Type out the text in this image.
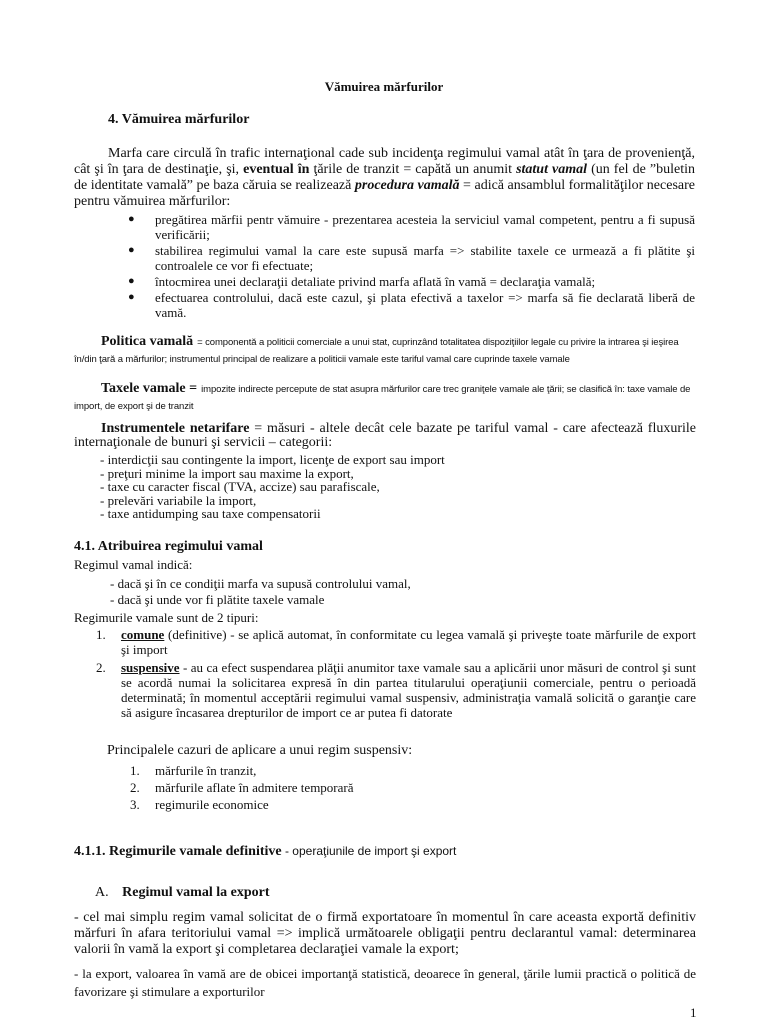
Vămuirea mărfurilor
4. Vămuirea mărfurilor
Marfa care circulă în trafic internaţional cade sub incidenţa regimului vamal atât în ţara de provenienţă, cât şi în ţara de destinaţie, şi, eventual în ţările de tranzit = capătă un anumit statut vamal (un fel de ”buletin de identitate vamală” pe baza căruia se realizează procedura vamală = adică ansamblul formalităţilor necesare pentru vămuirea mărfurilor:
● pregătirea mărfii pentr vămuire - prezentarea acesteia la serviciul vamal competent, pentru a fi supusă verificării;
● stabilirea regimului vamal la care este supusă marfa => stabilite taxele ce urmează a fi plătite şi controalele ce vor fi efectuate;
● întocmirea unei declaraţii detaliate privind marfa aflată în vamă = declaraţia vamală;
● efectuarea controlului, dacă este cazul, şi plata efectivă a taxelor => marfa să fie declarată liberă de vamă.
Politica vamală = componentă a politicii comerciale a unui stat, cuprinzând totalitatea dispoziţiilor legale cu privire la intrarea şi ieşirea în/din ţară a mărfurilor; instrumentul principal de realizare a politicii vamale este tariful vamal care cuprinde taxele vamale
Taxele vamale = impozite indirecte percepute de stat asupra mărfurilor care trec graniţele vamale ale ţării; se clasifică în: taxe vamale de import, de export şi de tranzit
Instrumentele netarifare = măsuri - altele decât cele bazate pe tariful vamal - care afectează fluxurile internaţionale de bunuri şi servicii – categorii:
- interdicţii sau contingente la import, licenţe de export sau import
- preţuri minime la import sau maxime la export,
- taxe cu caracter fiscal (TVA, accize) sau parafiscale,
- prelevări variabile la import,
- taxe antidumping sau taxe compensatorii
4.1. Atribuirea regimului vamal
Regimul vamal indică:
- dacă şi în ce condiţii marfa va supusă controlului vamal,
- dacă şi unde vor fi plătite taxele vamale
Regimurile vamale sunt de 2 tipuri:
1. comune (definitive) - se aplică automat, în conformitate cu legea vamală şi priveşte toate mărfurile de export şi import
2. suspensive - au ca efect suspendarea plăţii anumitor taxe vamale sau a aplicării unor măsuri de control şi sunt se acordă numai la solicitarea expresă în din partea titularului operaţiunii comerciale, pentru o perioadă determinată; în momentul acceptării regimului vamal suspensiv, administraţia vamală solicită o garanţie care să asigure încasarea drepturilor de import ce ar putea fi datorate
Principalele cazuri de aplicare a unui regim suspensiv:
1. mărfurile în tranzit,
2. mărfurile aflate în admitere temporară
3. regimurile economice
4.1.1. Regimurile vamale definitive - operaţiunile de import şi export
A. Regimul vamal la export
- cel mai simplu regim vamal solicitat de o firmă exportatoare în momentul în care aceasta exportă definitiv mărfuri în afara teritoriului vamal => implică următoarele obligaţii pentru declarantul vamal: determinarea valorii în vamă la export şi completarea declaraţiei vamale la export;
- la export, valoarea în vamă are de obicei importanţă statistică, deoarece în general, ţările lumii practică o politică de favorizare şi stimulare a exporturilor
1
